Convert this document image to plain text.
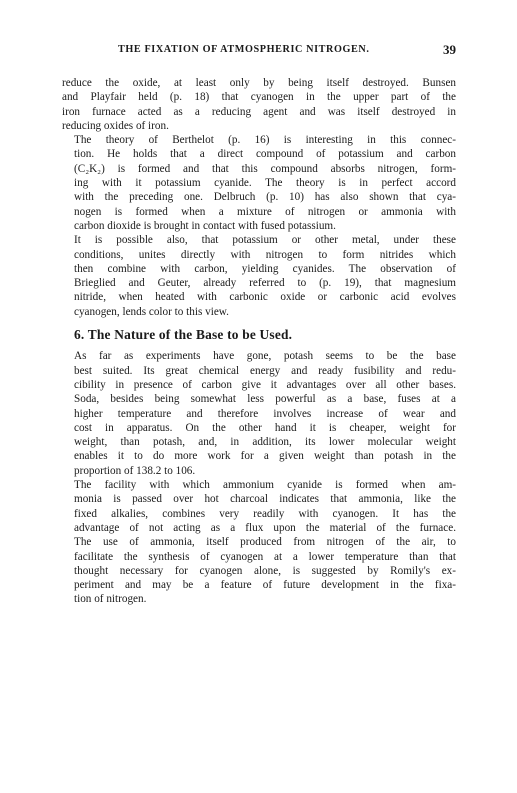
THE FIXATION OF ATMOSPHERIC NITROGEN.	39

reduce the oxide, at least only by being itself destroyed. Bunsen
and Playfair held (p. 18) that cyanogen in the upper part of the
iron furnace acted as a reducing agent and was itself destroyed in
reducing oxides of iron.

The theory of Berthelot (p. 16) is interesting in this connec-
tion. He holds that a direct compound of potassium and carbon
(C₂K₂) is formed and that this compound absorbs nitrogen, form-
ing with it potassium cyanide. The theory is in perfect accord
with the preceding one. Delbruch (p. 10) has also shown that cya-
nogen is formed when a mixture of nitrogen or ammonia with
carbon dioxide is brought in contact with fused potassium.

It is possible also, that potassium or other metal, under these
conditions, unites directly with nitrogen to form nitrides which
then combine with carbon, yielding cyanides. The observation of
Brieglied and Geuter, already referred to (p. 19), that magnesium
nitride, when heated with carbonic oxide or carbonic acid evolves
cyanogen, lends color to this view.

6. The Nature of the Base to be Used.

As far as experiments have gone, potash seems to be the base
best suited. Its great chemical energy and ready fusibility and redu-
cibility in presence of carbon give it advantages over all other bases.
Soda, besides being somewhat less powerful as a base, fuses at a
higher temperature and therefore involves increase of wear and
cost in apparatus. On the other hand it is cheaper, weight for
weight, than potash, and, in addition, its lower molecular weight
enables it to do more work for a given weight than potash in the
proportion of 138.2 to 106.

The facility with which ammonium cyanide is formed when am-
monia is passed over hot charcoal indicates that ammonia, like the
fixed alkalies, combines very readily with cyanogen. It has the
advantage of not acting as a flux upon the material of the furnace.
The use of ammonia, itself produced from nitrogen of the air, to
facilitate the synthesis of cyanogen at a lower temperature than that
thought necessary for cyanogen alone, is suggested by Romily's ex-
periment and may be a feature of future development in the fixa-
tion of nitrogen.
